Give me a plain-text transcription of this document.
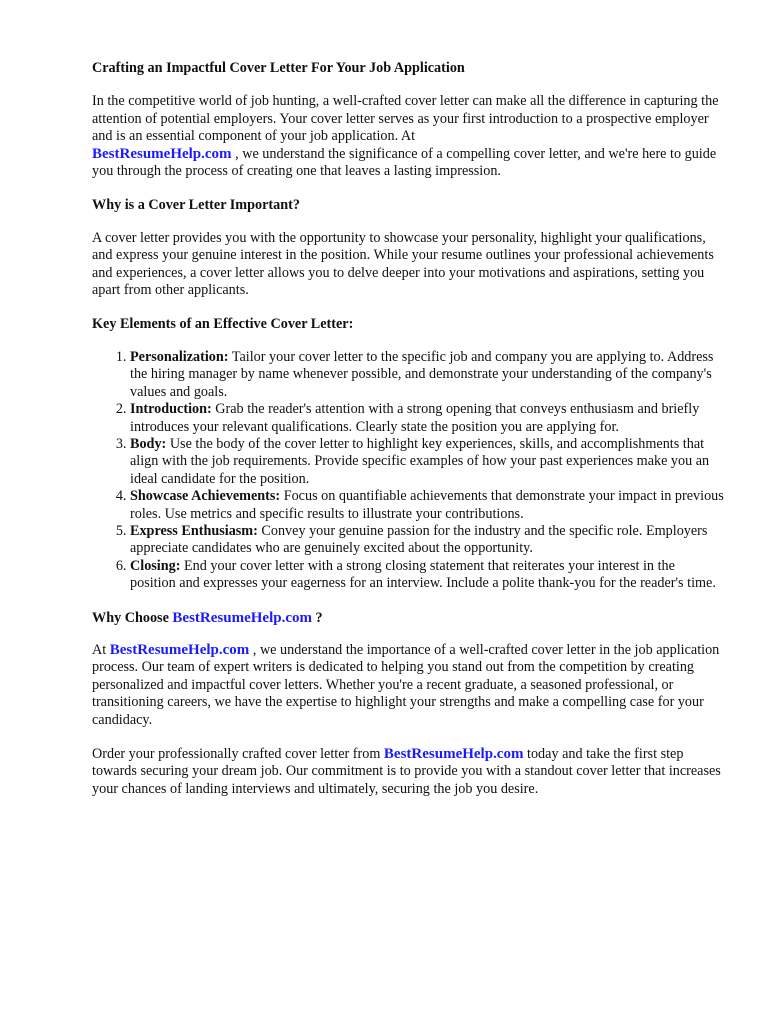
Crafting an Impactful Cover Letter For Your Job Application

In the competitive world of job hunting, a well-crafted cover letter can make all the difference in capturing the attention of potential employers. Your cover letter serves as your first introduction to a prospective employer and is an essential component of your job application. At
BestResumeHelp.com , we understand the significance of a compelling cover letter, and we're here to guide you through the process of creating one that leaves a lasting impression.

Why is a Cover Letter Important?

A cover letter provides you with the opportunity to showcase your personality, highlight your qualifications, and express your genuine interest in the position. While your resume outlines your professional achievements and experiences, a cover letter allows you to delve deeper into your motivations and aspirations, setting you apart from other applicants.

Key Elements of an Effective Cover Letter:
1. Personalization: Tailor your cover letter to the specific job and company you are applying to. Address the hiring manager by name whenever possible, and demonstrate your understanding of the company's values and goals.
2. Introduction: Grab the reader's attention with a strong opening that conveys enthusiasm and briefly introduces your relevant qualifications. Clearly state the position you are applying for.
3. Body: Use the body of the cover letter to highlight key experiences, skills, and accomplishments that align with the job requirements. Provide specific examples of how your past experiences make you an ideal candidate for the position.
4. Showcase Achievements: Focus on quantifiable achievements that demonstrate your impact in previous roles. Use metrics and specific results to illustrate your contributions.
5. Express Enthusiasm: Convey your genuine passion for the industry and the specific role. Employers appreciate candidates who are genuinely excited about the opportunity.
6. Closing: End your cover letter with a strong closing statement that reiterates your interest in the position and expresses your eagerness for an interview. Include a polite thank-you for the reader's time.
Why Choose BestResumeHelp.com ?

At BestResumeHelp.com , we understand the importance of a well-crafted cover letter in the job application process. Our team of expert writers is dedicated to helping you stand out from the competition by creating personalized and impactful cover letters. Whether you're a recent graduate, a seasoned professional, or transitioning careers, we have the expertise to highlight your strengths and make a compelling case for your candidacy.

Order your professionally crafted cover letter from BestResumeHelp.com today and take the first step towards securing your dream job. Our commitment is to provide you with a standout cover letter that increases your chances of landing interviews and ultimately, securing the job you desire.
